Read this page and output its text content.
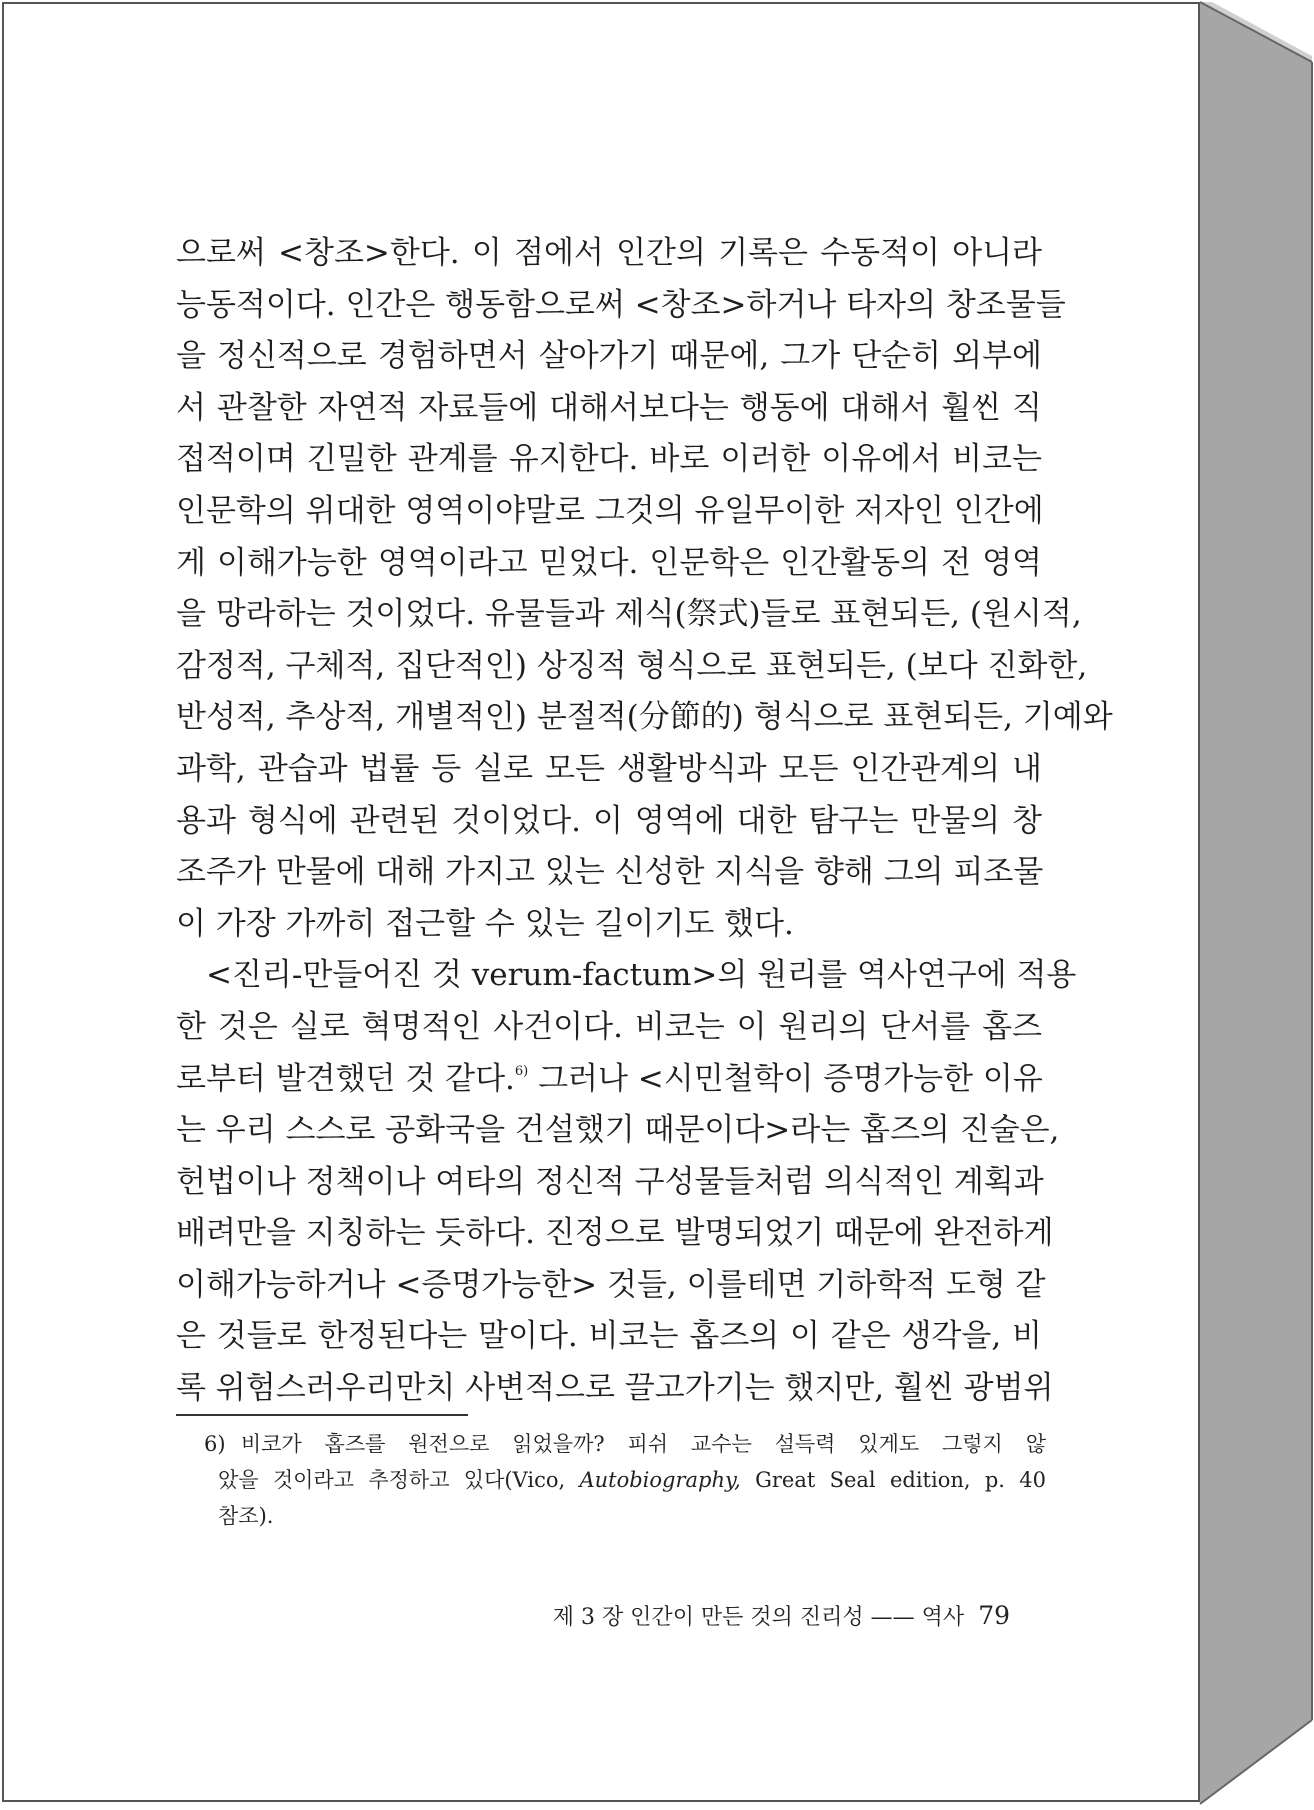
으로써 <창조>한다. 이 점에서 인간의 기록은 수동적이 아니라
능동적이다. 인간은 행동함으로써 <창조>하거나 타자의 창조물들
을 정신적으로 경험하면서 살아가기 때문에, 그가 단순히 외부에
서 관찰한 자연적 자료들에 대해서보다는 행동에 대해서 훨씬 직
접적이며 긴밀한 관계를 유지한다. 바로 이러한 이유에서 비코는
인문학의 위대한 영역이야말로 그것의 유일무이한 저자인 인간에
게 이해가능한 영역이라고 믿었다. 인문학은 인간활동의 전 영역
을 망라하는 것이었다. 유물들과 제식(祭式)들로 표현되든, (원시적,
감정적, 구체적, 집단적인) 상징적 형식으로 표현되든, (보다 진화한,
반성적, 추상적, 개별적인) 분절적(分節的) 형식으로 표현되든, 기예와
과학, 관습과 법률 등 실로 모든 생활방식과 모든 인간관계의 내
용과 형식에 관련된 것이었다. 이 영역에 대한 탐구는 만물의 창
조주가 만물에 대해 가지고 있는 신성한 지식을 향해 그의 피조물
이 가장 가까히 접근할 수 있는 길이기도 했다.
<진리-만들어진 것 verum-factum>의 원리를 역사연구에 적용
한 것은 실로 혁명적인 사건이다. 비코는 이 원리의 단서를 홉즈
로부터 발견했던 것 같다.$^{6)}$ 그러나 <시민철학이 증명가능한 이유
는 우리 스스로 공화국을 건설했기 때문이다>라는 홉즈의 진술은,
헌법이나 정책이나 여타의 정신적 구성물들처럼 의식적인 계획과
배려만을 지칭하는 듯하다. 진정으로 발명되었기 때문에 완전하게
이해가능하거나 <증명가능한> 것들, 이를테면 기하학적 도형 같
은 것들로 한정된다는 말이다. 비코는 홉즈의 이 같은 생각을, 비
록 위험스러우리만치 사변적으로 끌고가기는 했지만, 훨씬 광범위
6) 비코가 홉즈를 원전으로 읽었을까? 피쉬 교수는 설득력 있게도 그렇지 않
았을 것이라고 추정하고 있다(Vico, Autobiography, Great Seal edition, p. 40
참조).
제 3 장 인간이 만든 것의 진리성 —— 역사 79
